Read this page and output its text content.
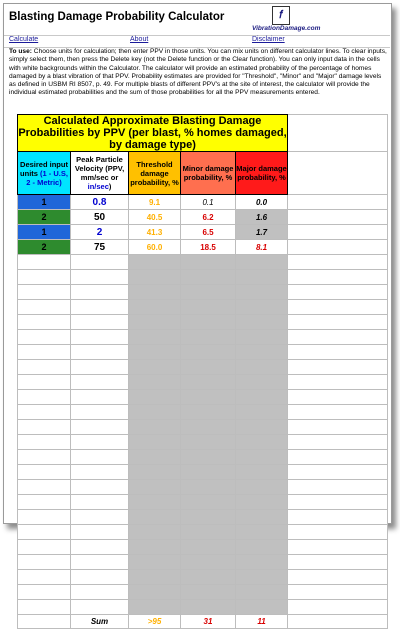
Blasting Damage Probability Calculator	𝑓
VibrationDamage.com
Calculate	About	Disclaimer
To use: Choose units for calculation; then enter PPV in those units. You can mix units on different calculator lines. To clear inputs, simply select them, then press the Delete key (not the Delete function or the Clear function). You can only input data in the cells with white backgrounds within the Calculator. The calculator will provide an estimated probability of the percentage of homes damaged by a blast vibration of that PPV. Probability estimates are provided for "Threshold", "Minor" and "Major" damage levels as defined in USBM RI 8507, p. 49. For multiple blasts of different PPV's at the site of interest, the calculator will provide the individual estimated probabilities and the sum of those probabilities for all the PPV measurements entered.
Calculated Approximate Blasting Damage Probabilities by PPV (per blast, % homes damaged, by damage type)					
Desired input units (1 - U.S, 2 - Metric)	Peak Particle Velocity (PPV, mm/sec or in/sec)	Threshold damage probability, %	Minor damage probability, %	Major damage probability, %	
1	0.8	9.1	0.1	0.0	
2	50	40.5	6.2	1.6	
1	2	41.3	6.5	1.7	
2	75	60.0	18.5	8.1	

	Sum	>95	31	11	
